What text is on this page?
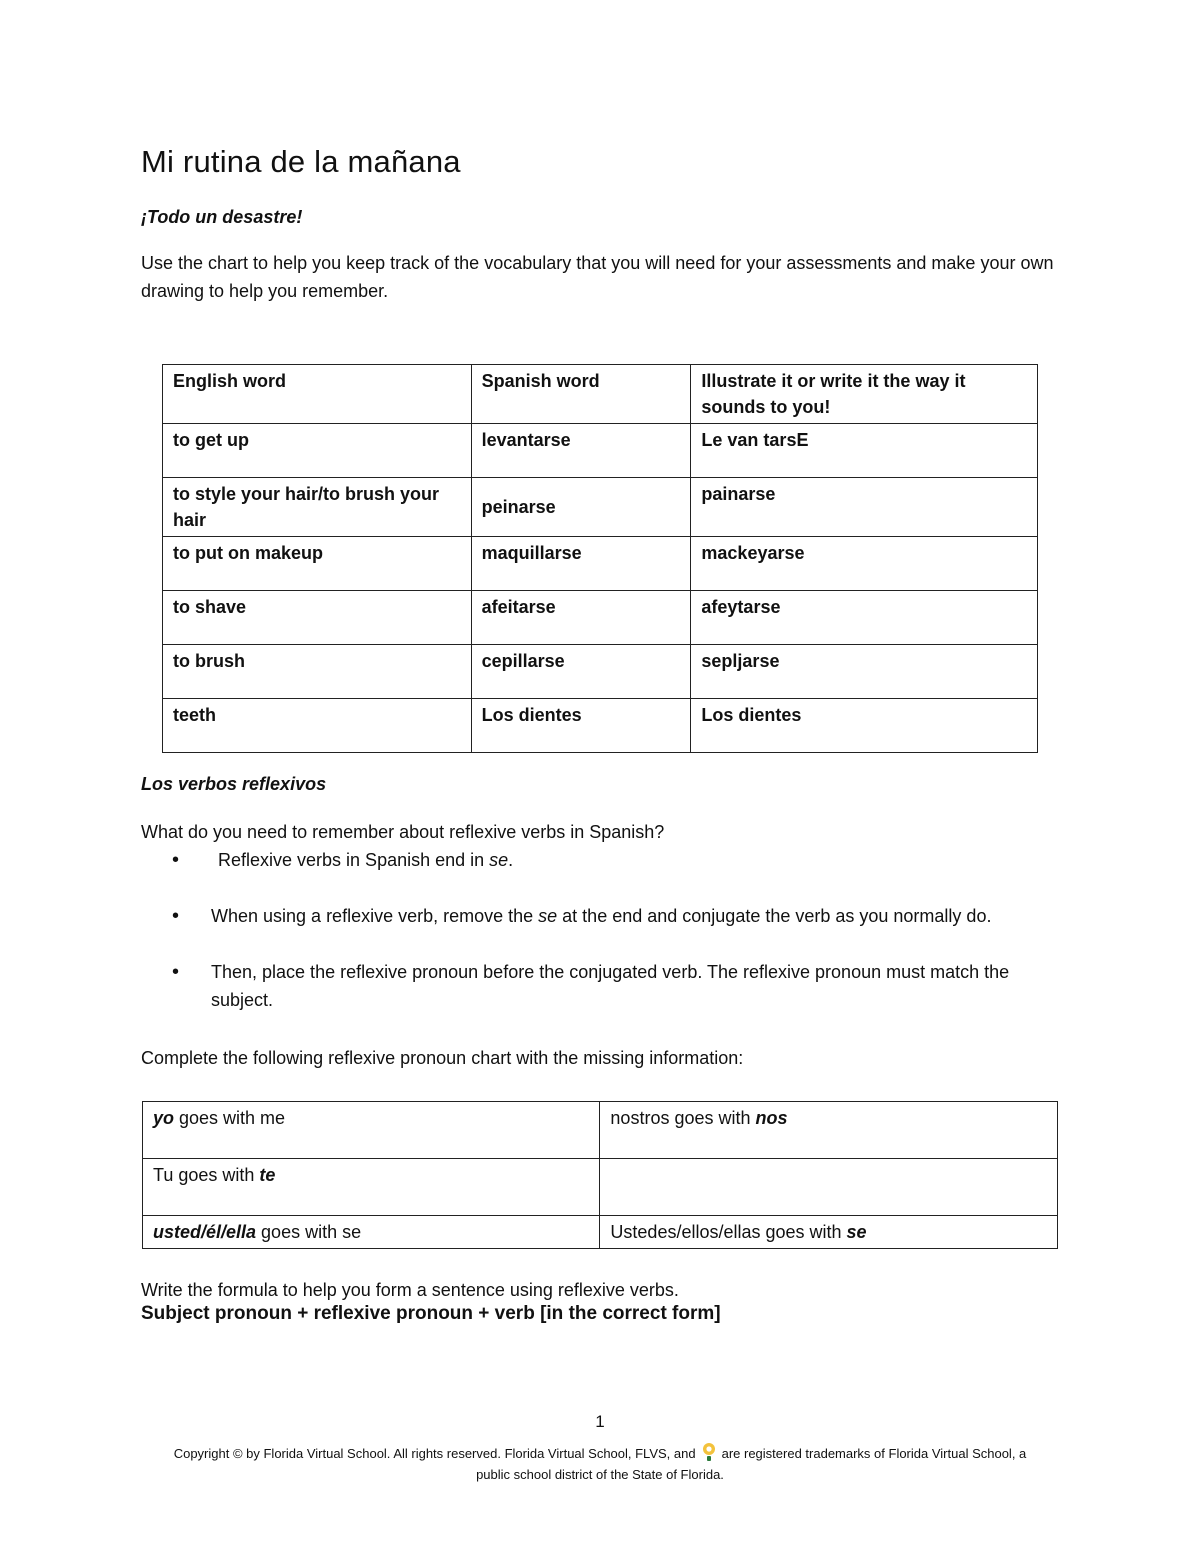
Mi rutina de la mañana
¡Todo un desastre!
Use the chart to help you keep track of the vocabulary that you will need for your assessments and make your own drawing to help you remember.
English word	Spanish word	Illustrate it or write it the way it sounds to you!
to get up	levantarse	Le van tarsE
to style your hair/to brush your hair	peinarse	painarse
to put on makeup	maquillarse	mackeyarse
to shave	afeitarse	afeytarse
to brush	cepillarse	sepljarse
teeth	Los dientes	Los dientes
Los verbos reflexivos
What do you need to remember about reflexive verbs in Spanish?
• Reflexive verbs in Spanish end in se.
• When using a reflexive verb, remove the se at the end and conjugate the verb as you normally do.
• Then, place the reflexive pronoun before the conjugated verb. The reflexive pronoun must match the subject.
Complete the following reflexive pronoun chart with the missing information:
yo goes with me	nostros goes with nos
Tu goes with te	
usted/él/ella goes with se	Ustedes/ellos/ellas goes with se
Write the formula to help you form a sentence using reflexive verbs.
Subject pronoun + reflexive pronoun + verb [in the correct form]
1
Copyright © by Florida Virtual School. All rights reserved. Florida Virtual School, FLVS, and are registered trademarks of Florida Virtual School, a public school district of the State of Florida.
